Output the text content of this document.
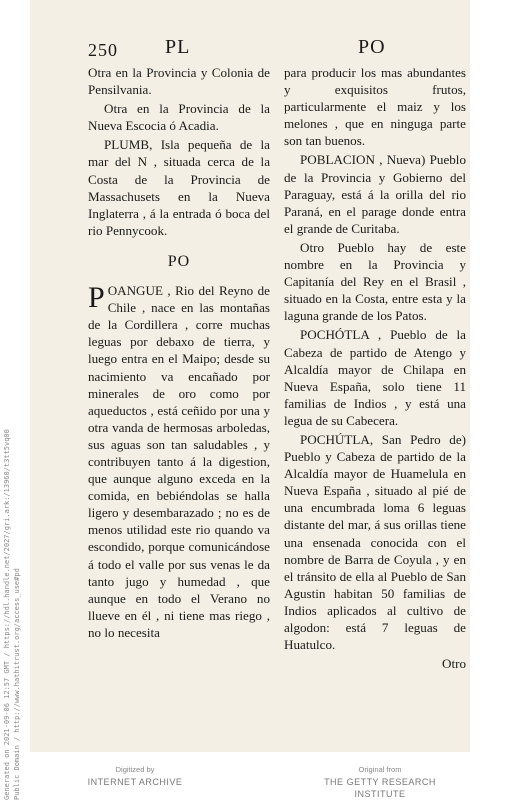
Generated on 2021-09-06 12:57 GMT / https://hdl.handle.net/2027/gri.ark:/13960/t3tt5vq00 Public Domain / http://www.hathitrust.org/access_use#pd
250 PL	PO

Otra en la Provincia y Colonia de Pensilvania.

Otra en la Provincia de la Nueva Escocia ó Acadia.

PLUMB, Isla pequeña de la mar del N , situada cerca de la Costa de la Provincia de Massachusets en la Nueva Inglaterra , á la entrada ó boca del rio Pennycook.

PO

POANGUE , Rio del Reyno de Chile , nace en las montañas de la Cordillera , corre muchas leguas por debaxo de tierra, y luego entra en el Maipo; desde su nacimiento va encañado por minerales de oro como por aqueductos , está ceñido por una y otra vanda de hermosas arboledas, sus aguas son tan saludables , y contribuyen tanto á la digestion, que aunque alguno exceda en la comida, en bebiéndolas se halla ligero y desembarazado ; no es de menos utilidad este rio quando va escondido, porque comunicándose á todo el valle por sus venas le da tanto jugo y humedad , que aunque en todo el Verano no llueve en él , ni tiene mas riego , no lo necesita

para producir los mas abundantes y exquisitos frutos, particularmente el maiz y los melones , que en ninguga parte son tan buenos.

POBLACION , Nueva) Pueblo de la Provincia y Gobierno del Paraguay, está á la orilla del rio Paraná, en el parage donde entra el grande de Curitaba.

Otro Pueblo hay de este nombre en la Provincia y Capitanía del Rey en el Brasil , situado en la Costa, entre esta y la laguna grande de los Patos.

POCHÓTLA , Pueblo de la Cabeza de partido de Atengo y Alcaldía mayor de Chilapa en Nueva España, solo tiene 11 familias de Indios , y está una legua de su Cabecera.

POCHÚTLA, San Pedro de) Pueblo y Cabeza de partido de la Alcaldía mayor de Huamelula en Nueva España , situado al pié de una encumbrada loma 6 leguas distante del mar, á sus orillas tiene una ensenada conocida con el nombre de Barra de Coyula , y en el tránsito de ella al Pueblo de San Agustin habitan 50 familias de Indios aplicados al cultivo de algodon: está 7 leguas de Huatulco.

Otro
Digitized by
INTERNET ARCHIVE
Original from
THE GETTY RESEARCH INSTITUTE
